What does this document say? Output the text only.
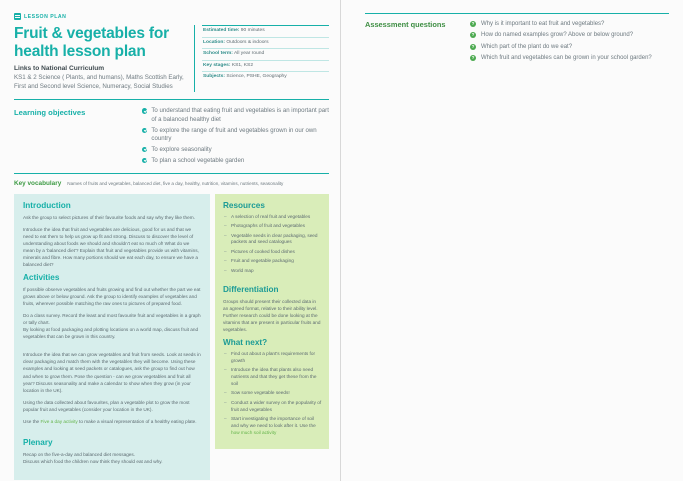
LESSON PLAN
Fruit & vegetables for health lesson plan
Links to National Curriculum
KS1 & 2 Science ( Plants, and humans), Maths Scottish Early, First and Second level Science, Numeracy, Social Studies
Estimated time: 90 minutes
Location: Outdoors & indoors
School term: All year round
Key stages: KS1, KS2
Subjects: Science, PSHE, Geography
Learning objectives	To understand that eating fruit and vegetables is an important part of a balanced healthy diet
To explore the range of fruit and vegetables grown in our own country
To explore seasonality
To plan a school vegetable garden
Key vocabulary Names of fruits and vegetables, balanced diet, five a day, healthy, nutrition, vitamins, nutrients, seasonality
Introduction

Ask the group to select pictures of their favourite foods and say why they like them.

Introduce the idea that fruit and vegetables are delicious, good for us and that we need to eat them to help us grow up fit and strong. Discuss to discover the level of understanding about foods we should and shouldn't eat so much of! What do we mean by a 'balanced diet'? Explain that fruit and vegetables provide us with vitamins, minerals and fibre. How many portions should we eat each day, to ensure we have a balanced diet?

Activities

If possible observe vegetables and fruits growing and find out whether the part we eat grows above or below ground. Ask the group to identify examples of vegetables and fruits, wherever possible matching the raw ones to pictures of prepared food.

Do a class survey. Record the least and most favourite fruit and vegetables in a graph or tally chart.

By looking at food packaging and plotting locations on a world map, discuss fruit and vegetables that can be grown in this country.

Introduce the idea that we can grow vegetables and fruit from seeds. Look at seeds in clear packaging and match them with the vegetables they will become. Using these examples and looking at seed packets or catalogues, ask the group to find out how and when to grow them. Pose the question - can we grow vegetables and fruit all year? Discuss seasonality and make a calendar to show when they grow (in your location in the UK).

Using the data collected about favourites, plan a vegetable plot to grow the most popular fruit and vegetables (consider your location in the UK).

Use the Five a day activity to make a visual representation of a healthy eating plate.

Plenary

Recap on the five-a-day and balanced diet messages.

Discuss which food the children now think they should eat and why.

Resources
– A selection of real fruit and vegetables
– Photographs of fruit and vegetables
– Vegetable seeds in clear packaging, seed packets and seed catalogues
– Pictures of cooked food dishes
– Fruit and vegetable packaging
– World map
Differentiation

Groups should present their collected data in an agreed format, relative to their ability level. Further research could be done looking at the vitamins that are present in particular fruits and vegetables.

What next?
– Find out about a plant's requirements for growth
– Introduce the idea that plants also need nutrients and that they get these from the soil
– Sow some vegetable seeds!
– Conduct a wider survey on the popularity of fruit and vegetables
– Start investigating the importance of soil and why we need to look after it. Use the how much soil activity
Assessment questions	? Why is it important to eat fruit and vegetables?
? How do named examples grow? Above or below ground?
? Which part of the plant do we eat?
? Which fruit and vegetables can be grown in your school garden?
